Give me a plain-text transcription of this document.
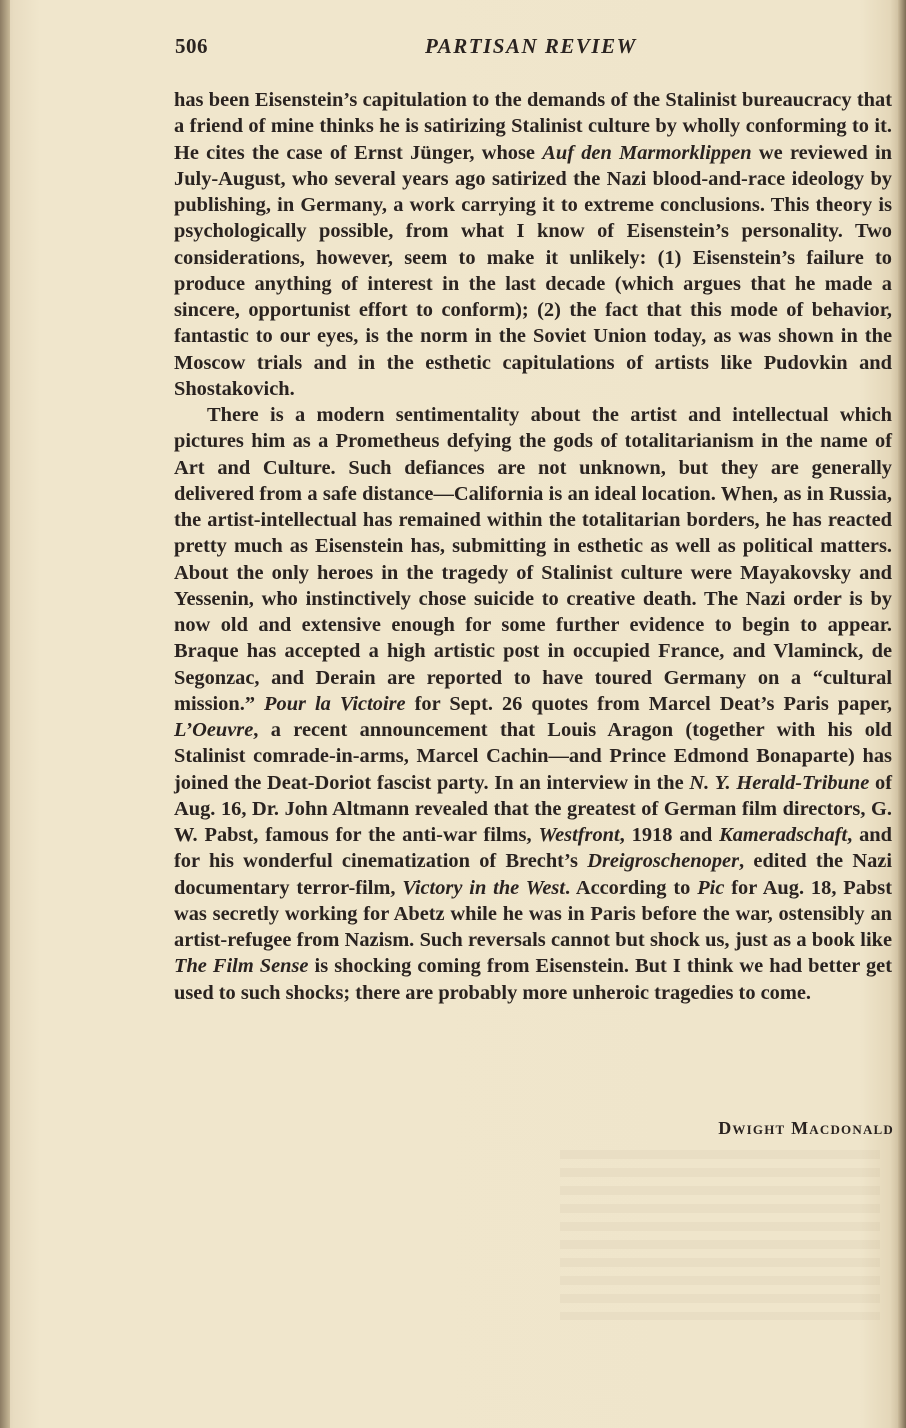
506	PARTISAN REVIEW

has been Eisenstein’s capitulation to the demands of the Stalinist bureaucracy that a friend of mine thinks he is satirizing Stalinist culture by wholly conforming to it. He cites the case of Ernst Jünger, whose Auf den Marmorklippen we reviewed in July-August, who several years ago satirized the Nazi blood-and-race ideology by publishing, in Germany, a work carrying it to extreme conclusions. This theory is psychologically possible, from what I know of Eisenstein’s personality. Two considerations, however, seem to make it unlikely: (1) Eisenstein’s failure to produce anything of interest in the last decade (which argues that he made a sincere, opportunist effort to conform); (2) the fact that this mode of behavior, fantastic to our eyes, is the norm in the Soviet Union today, as was shown in the Moscow trials and in the esthetic capitulations of artists like Pudovkin and Shostakovich.

There is a modern sentimentality about the artist and intellectual which pictures him as a Prometheus defying the gods of totalitarianism in the name of Art and Culture. Such defiances are not unknown, but they are generally delivered from a safe distance—California is an ideal location. When, as in Russia, the artist-intellectual has remained within the totalitarian borders, he has reacted pretty much as Eisenstein has, submitting in esthetic as well as political matters. About the only heroes in the tragedy of Stalinist culture were Mayakovsky and Yessenin, who instinctively chose suicide to creative death. The Nazi order is by now old and extensive enough for some further evidence to begin to appear. Braque has accepted a high artistic post in occupied France, and Vlaminck, de Segonzac, and Derain are reported to have toured Germany on a “cultural mission.” Pour la Victoire for Sept. 26 quotes from Marcel Deat’s Paris paper, L’Oeuvre, a recent announcement that Louis Aragon (together with his old Stalinist comrade-in-arms, Marcel Cachin—and Prince Edmond Bonaparte) has joined the Deat-Doriot fascist party. In an interview in the N. Y. Herald-Tribune of Aug. 16, Dr. John Altmann revealed that the greatest of German film directors, G. W. Pabst, famous for the anti-war films, Westfront, 1918 and Kameradschaft, and for his wonderful cinematization of Brecht’s Dreigroschenoper, edited the Nazi documentary terror-film, Victory in the West. According to Pic for Aug. 18, Pabst was secretly working for Abetz while he was in Paris before the war, ostensibly an artist-refugee from Nazism. Such reversals cannot but shock us, just as a book like The Film Sense is shocking coming from Eisenstein. But I think we had better get used to such shocks; there are probably more unheroic tragedies to come.

Dwight Macdonald
